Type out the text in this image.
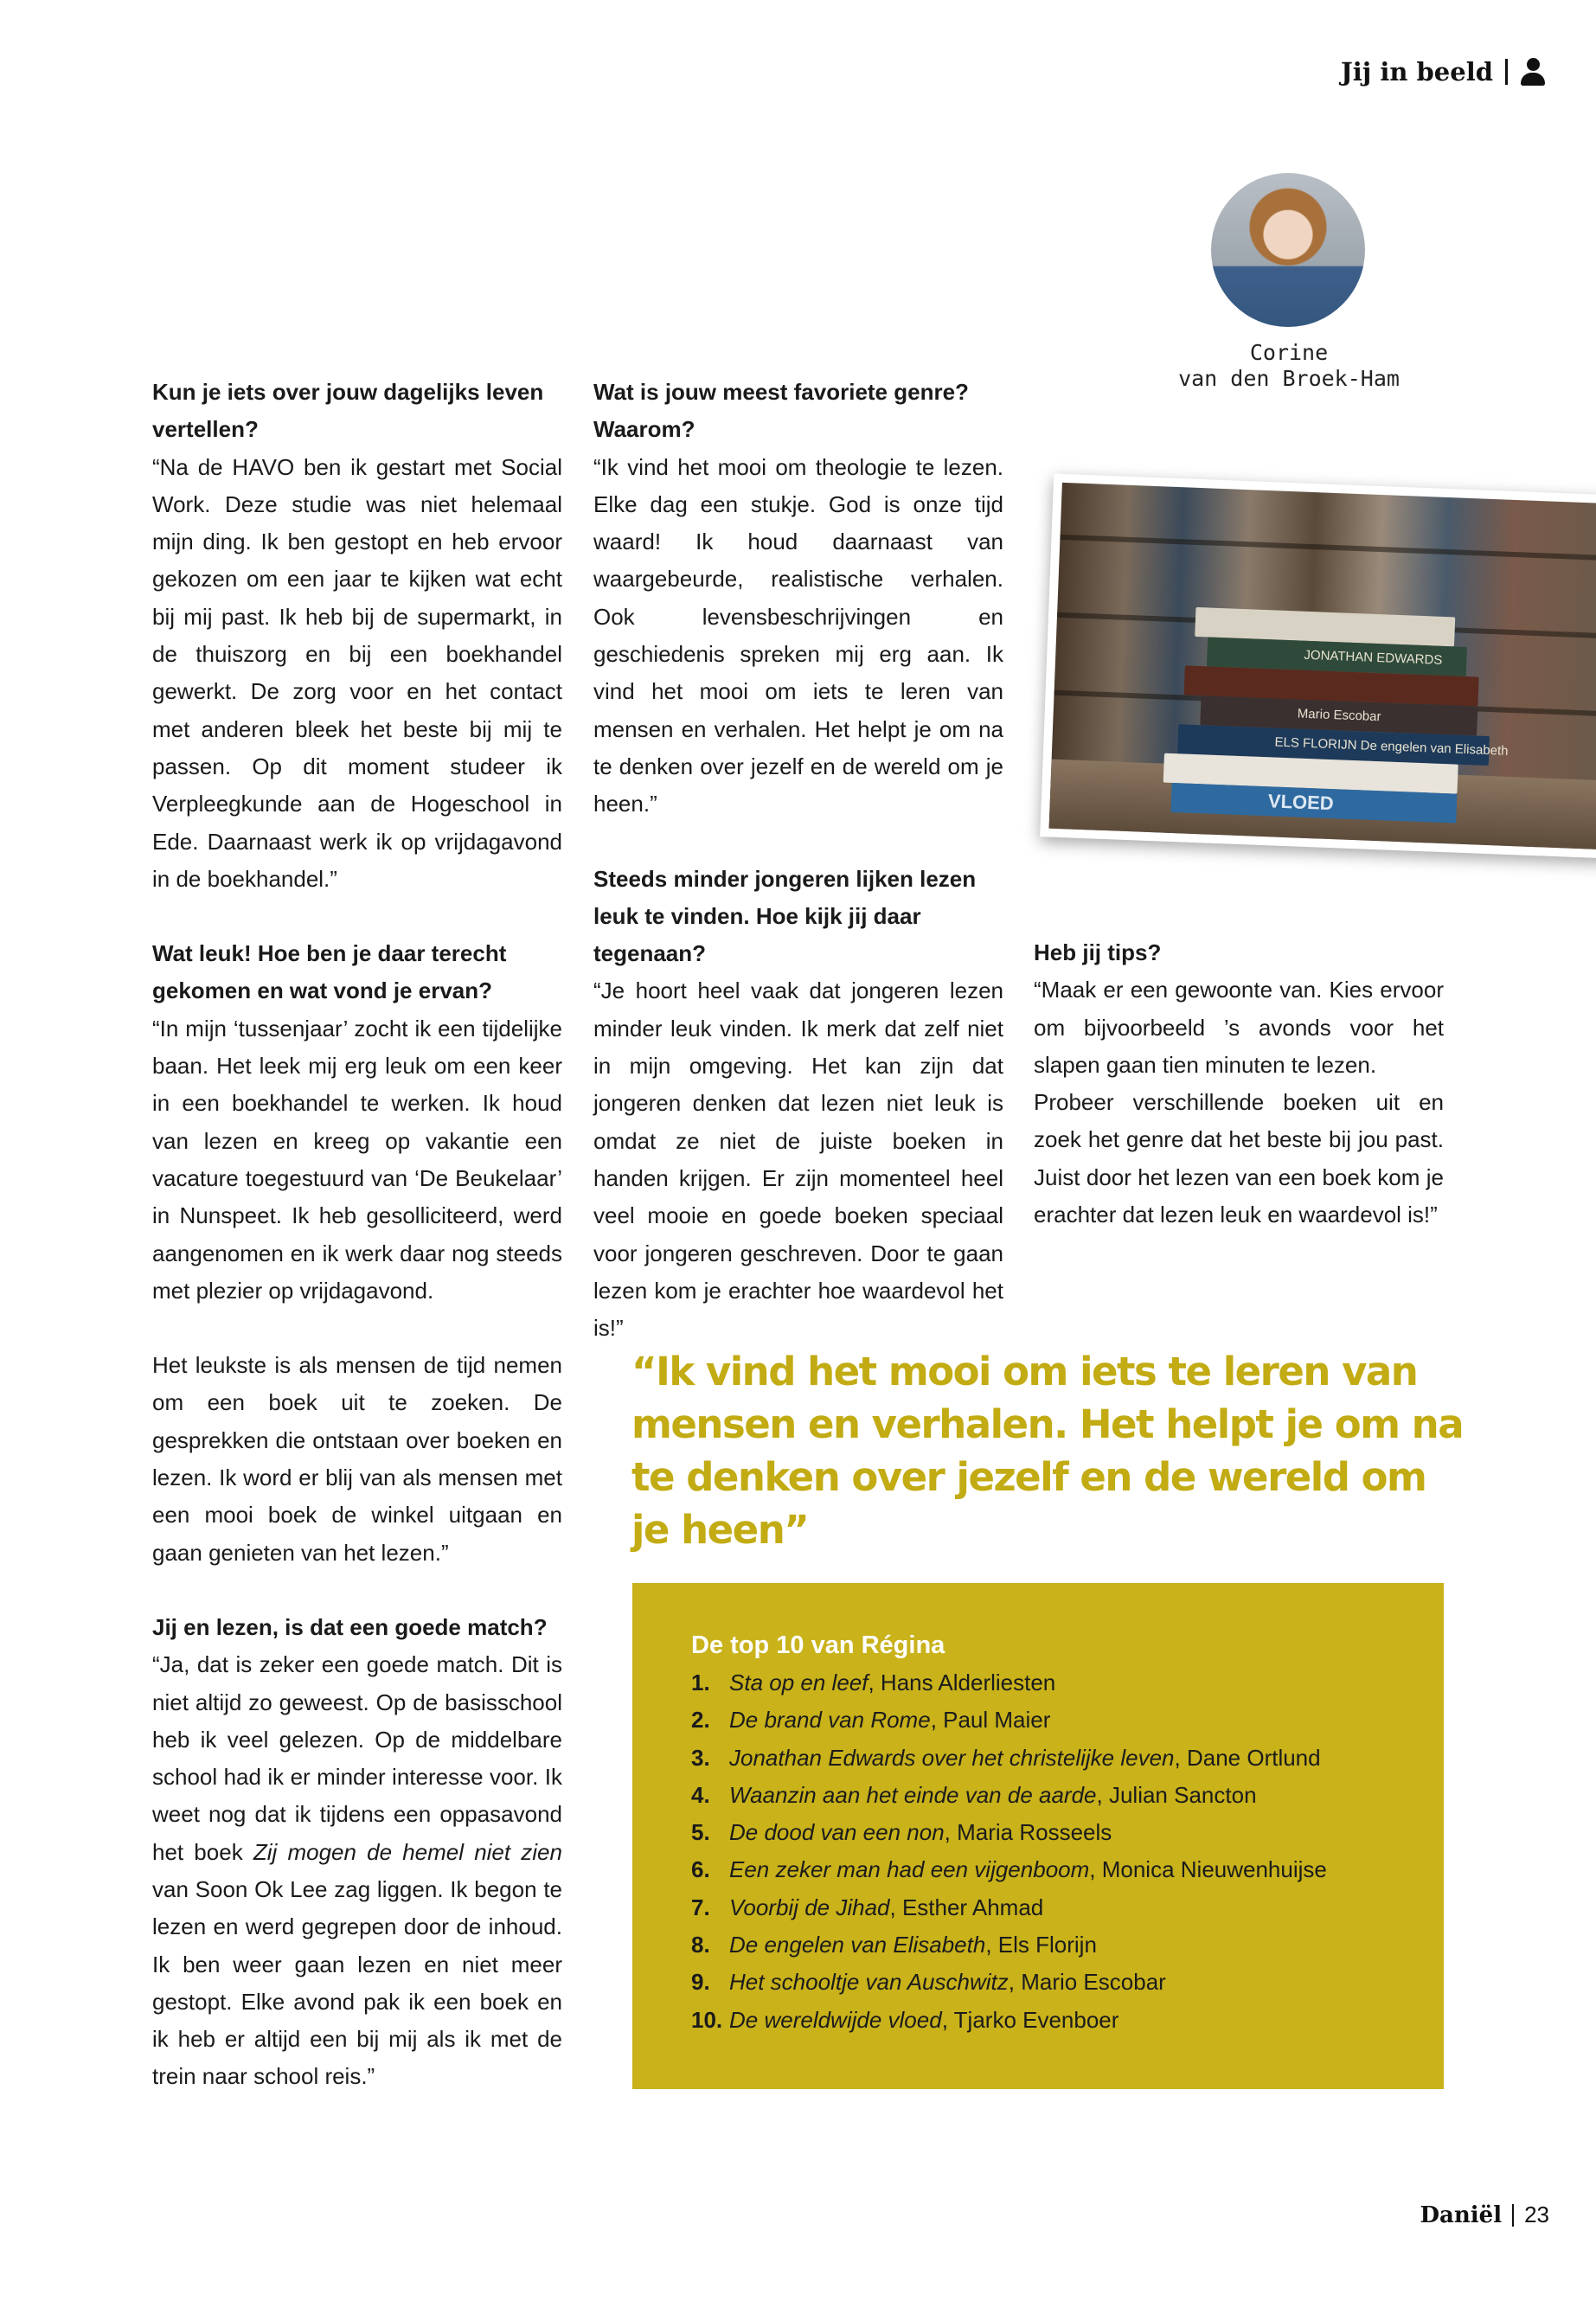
Jij in beeld
Corine
van den Broek-Ham
JONATHAN EDWARDS
Mario Escobar
ELS FLORIJN De engelen van Elisabeth
VLOED

Kun je iets over jouw dagelijks leven vertellen?

“Na de HAVO ben ik gestart met Social Work. Deze studie was niet helemaal mijn ding. Ik ben gestopt en heb ervoor gekozen om een jaar te kijken wat echt bij mij past. Ik heb bij de supermarkt, in de thuiszorg en bij een boekhandel gewerkt. De zorg voor en het contact met anderen bleek het beste bij mij te passen. Op dit moment studeer ik Verpleegkunde aan de Hogeschool in Ede. Daarnaast werk ik op vrijdagavond in de boekhandel.”

Wat leuk! Hoe ben je daar terecht gekomen en wat vond je ervan?

“In mijn ‘tussenjaar’ zocht ik een tijdelijke baan. Het leek mij erg leuk om een keer in een boekhandel te werken. Ik houd van lezen en kreeg op vakantie een vacature toegestuurd van ‘De Beukelaar’ in Nunspeet. Ik heb gesolliciteerd, werd aangenomen en ik werk daar nog steeds met plezier op vrijdagavond.

Het leukste is als mensen de tijd nemen om een boek uit te zoeken. De gesprekken die ontstaan over boeken en lezen. Ik word er blij van als mensen met een mooi boek de winkel uitgaan en gaan genieten van het lezen.”

Jij en lezen, is dat een goede match?

“Ja, dat is zeker een goede match. Dit is niet altijd zo geweest. Op de basisschool heb ik veel gelezen. Op de middelbare school had ik er minder interesse voor. Ik weet nog dat ik tijdens een oppasavond het boek Zij mogen de hemel niet zien van Soon Ok Lee zag liggen. Ik begon te lezen en werd gegrepen door de inhoud. Ik ben weer gaan lezen en niet meer gestopt. Elke avond pak ik een boek en ik heb er altijd een bij mij als ik met de trein naar school reis.”

Wat is jouw meest favoriete genre? Waarom?

“Ik vind het mooi om theologie te lezen. Elke dag een stukje. God is onze tijd waard! Ik houd daarnaast van waargebeurde, realistische verhalen. Ook levensbeschrijvingen en geschiedenis spreken mij erg aan. Ik vind het mooi om iets te leren van mensen en verhalen. Het helpt je om na te denken over jezelf en de wereld om je heen.”

Steeds minder jongeren lijken lezen leuk te vinden. Hoe kijk jij daar tegenaan?

“Je hoort heel vaak dat jongeren lezen minder leuk vinden. Ik merk dat zelf niet in mijn omgeving. Het kan zijn dat jongeren denken dat lezen niet leuk is omdat ze niet de juiste boeken in handen krijgen. Er zijn momenteel heel veel mooie en goede boeken speciaal voor jongeren geschreven. Door te gaan lezen kom je erachter hoe waardevol het is!”

Heb jij tips?

“Maak er een gewoonte van. Kies ervoor om bijvoorbeeld ’s avonds voor het slapen gaan tien minuten te lezen.

Probeer verschillende boeken uit en zoek het genre dat het beste bij jou past. Juist door het lezen van een boek kom je erachter dat lezen leuk en waardevol is!”

“Ik vind het mooi om iets te leren van mensen en verhalen. Het helpt je om na te denken over jezelf en de wereld om je heen”
De top 10 van Régina
1. Sta op en leef, Hans Alderliesten
2. De brand van Rome, Paul Maier
3. Jonathan Edwards over het christelijke leven, Dane Ortlund
4. Waanzin aan het einde van de aarde, Julian Sancton
5. De dood van een non, Maria Rosseels
6. Een zeker man had een vijgenboom, Monica Nieuwenhuijse
7. Voorbij de Jihad, Esther Ahmad
8. De engelen van Elisabeth, Els Florijn
9. Het schooltje van Auschwitz, Mario Escobar
10. De wereldwijde vloed, Tjarko Evenboer
Daniël 23
